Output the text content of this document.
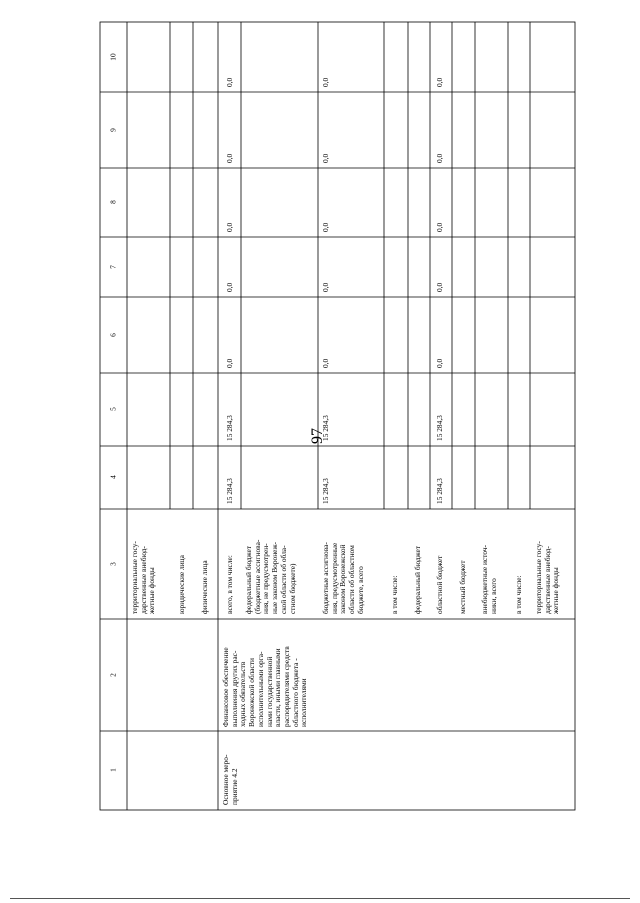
97
10
9
8
7
6
5
4
3
2
1
территориальные госу-
дарственные внебюд-
жетные фонды	юридические лица физические лица
Основное меро-
приятие 4.2
Финансовое обеспечение
выполнения других рас-
ходных обязательств
Воронежской области
исполнительными орга-
нами государственной
власти, иными главными
распорядителями средств
областного бюджета -
исполнителями
всего, в том числе:
15 284,3
15 284,3
0,0
0,0
0,0
0,0
0,0
федеральный бюджет
(бюджетные ассигнова-
ния, не предусмотрен-
ные законом Воронеж-
ской области об обла-
стном бюджете)	бюджетные ассигнова-
ния, предусмотренные
законом Воронежской
области об областном
бюджете, всего
15 284,3
15 284,3
0,0
0,0
0,0
0,0
0,0
в том числе: федеральный бюджет областной бюджет
15 284,3
15 284,3
0,0
0,0
0,0
0,0
0,0
местный бюджет внебюджетные источ-
ники, всего в том числе: территориальные госу-
дарственные внебюд-
жетные фонды
